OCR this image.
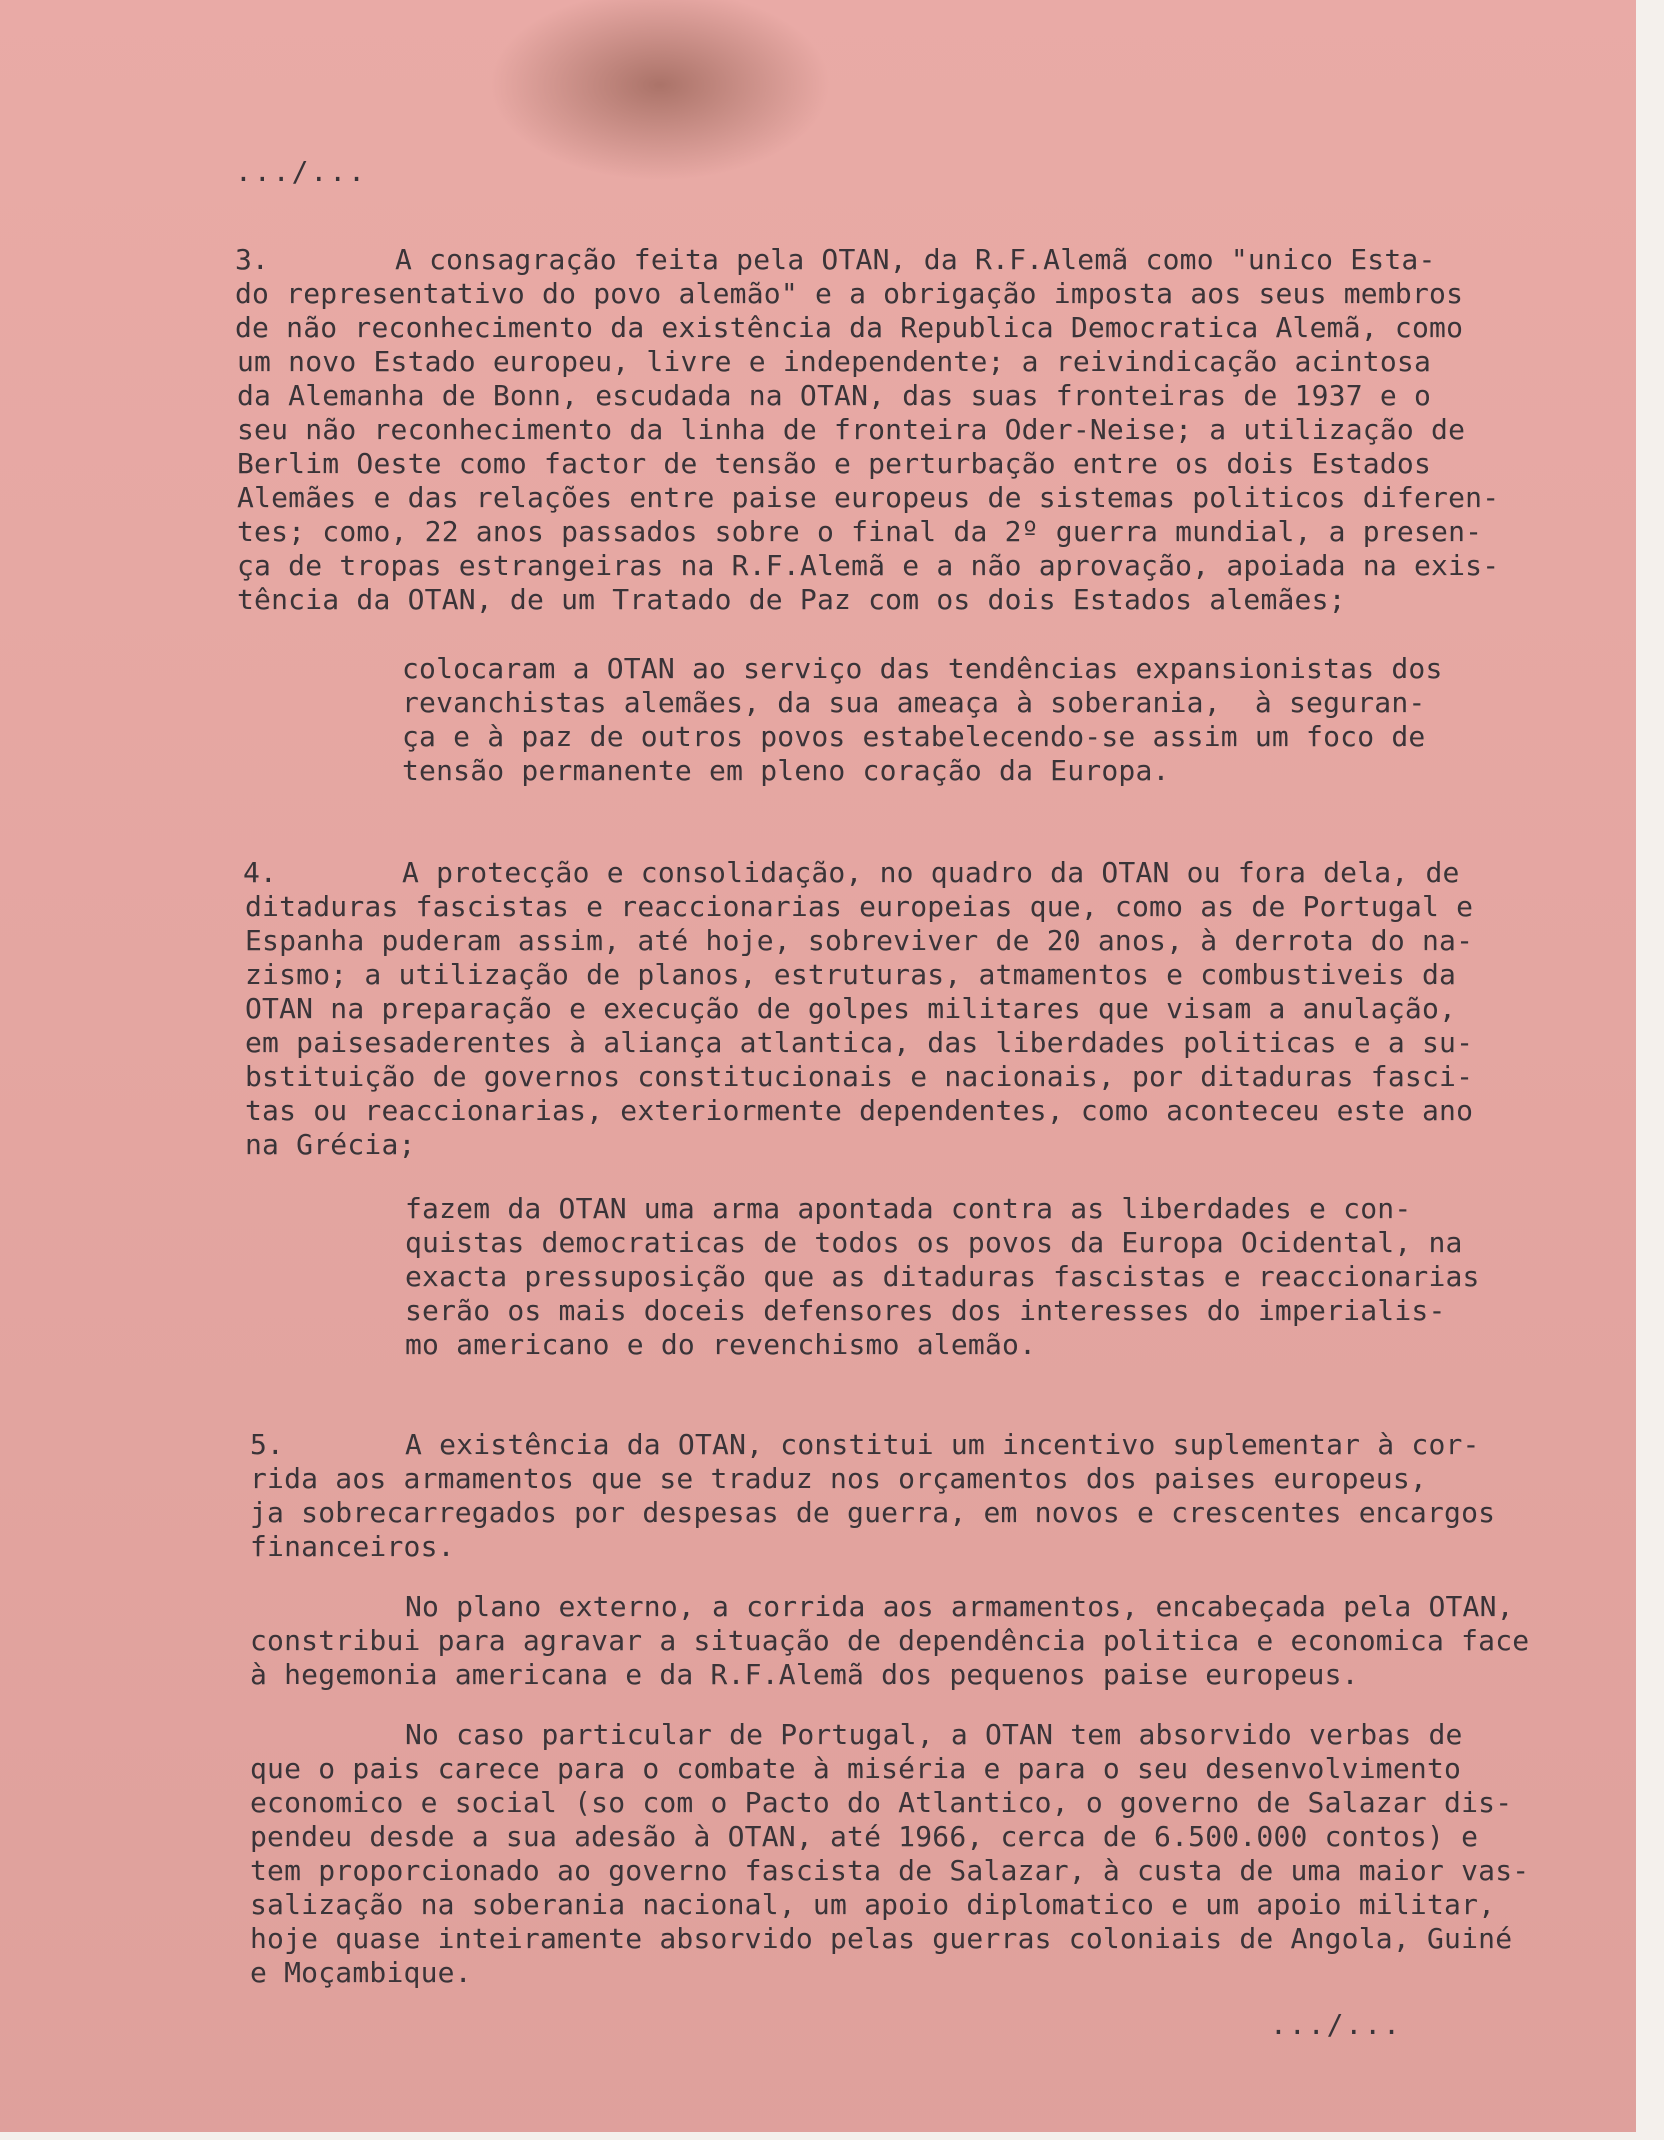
.../...
3.	A consagração feita pela OTAN, da R.F.Alemã como "unico Esta-
do representativo do povo alemão" e a obrigação imposta aos seus membros
de não reconhecimento da existência da Republica Democratica Alemã, como
um novo Estado europeu, livre e independente; a reivindicação acintosa
da Alemanha de Bonn, escudada na OTAN, das suas fronteiras de 1937 e o
seu não reconhecimento da linha de fronteira Oder-Neise; a utilização de
Berlim Oeste como factor de tensão e perturbação entre os dois Estados
Alemães e das relações entre paise europeus de sistemas politicos diferen-
tes; como, 22 anos passados sobre o final da 2º guerra mundial, a presen-
ça de tropas estrangeiras na R.F.Alemã e a não aprovação, apoiada na exis-
tência da OTAN, de um Tratado de Paz com os dois Estados alemães;
colocaram a OTAN ao serviço das tendências expansionistas dos
revanchistas alemães, da sua ameaça à soberania,  à seguran-
ça e à paz de outros povos estabelecendo-se assim um foco de
tensão permanente em pleno coração da Europa.
4.	A protecção e consolidação, no quadro da OTAN ou fora dela, de
ditaduras fascistas e reaccionarias europeias que, como as de Portugal e
Espanha puderam assim, até hoje, sobreviver de 20 anos, à derrota do na-
zismo; a utilização de planos, estruturas, atmamentos e combustiveis da
OTAN na preparação e execução de golpes militares que visam a anulação,
em paisesaderentes à aliança atlantica, das liberdades politicas e a su-
bstituição de governos constitucionais e nacionais, por ditaduras fasci-
tas ou reaccionarias, exteriormente dependentes, como aconteceu este ano
na Grécia;
fazem da OTAN uma arma apontada contra as liberdades e con-
quistas democraticas de todos os povos da Europa Ocidental, na
exacta pressuposição que as ditaduras fascistas e reaccionarias
serão os mais doceis defensores dos interesses do imperialis-
mo americano e do revenchismo alemão.
5.	A existência da OTAN, constitui um incentivo suplementar à cor-
rida aos armamentos que se traduz nos orçamentos dos paises europeus,
ja sobrecarregados por despesas de guerra, em novos e crescentes encargos
financeiros.
No plano externo, a corrida aos armamentos, encabeçada pela OTAN,
constribui para agravar a situação de dependência politica e economica face
à hegemonia americana e da R.F.Alemã dos pequenos paise europeus.
No caso particular de Portugal, a OTAN tem absorvido verbas de
que o pais carece para o combate à miséria e para o seu desenvolvimento
economico e social (so com o Pacto do Atlantico, o governo de Salazar dis-
pendeu desde a sua adesão à OTAN, até 1966, cerca de 6.500.000 contos) e
tem proporcionado ao governo fascista de Salazar, à custa de uma maior vas-
salização na soberania nacional, um apoio diplomatico e um apoio militar,
hoje quase inteiramente absorvido pelas guerras coloniais de Angola, Guiné
e Moçambique.
.../...
